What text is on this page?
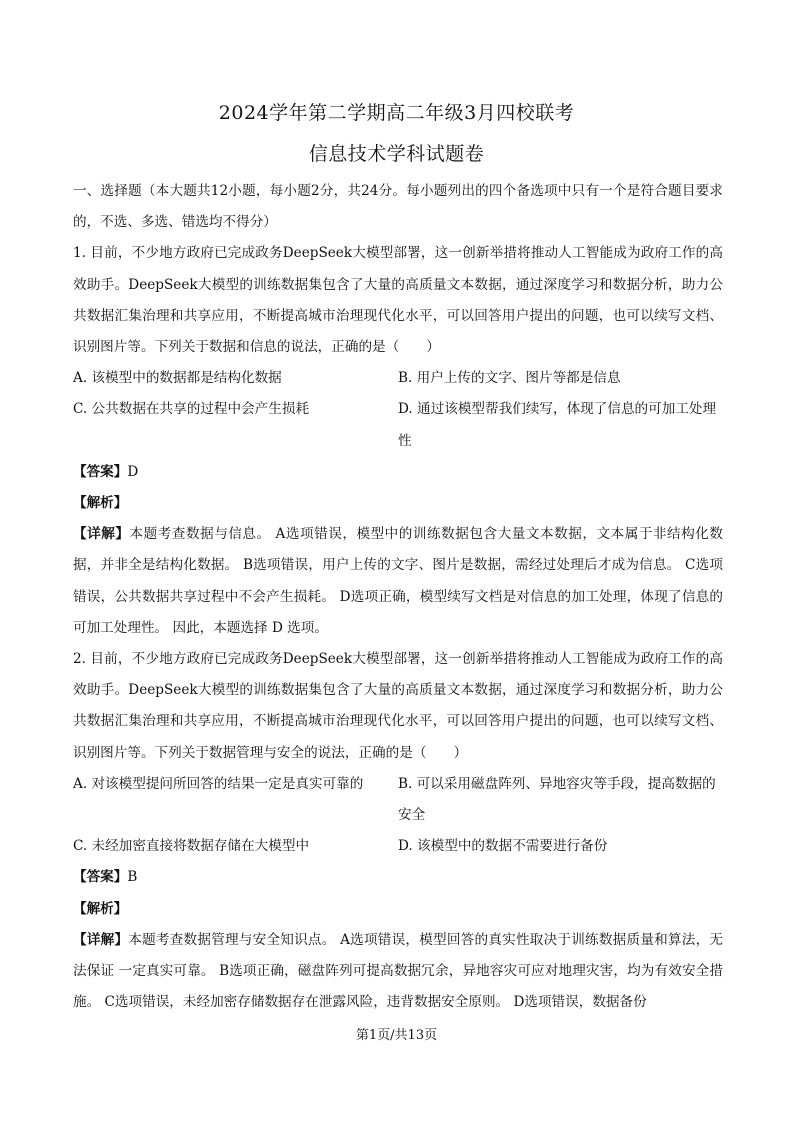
2024学年第二学期高二年级3月四校联考
信息技术学科试题卷

一、选择题（本大题共12小题，每小题2分，共24分。每小题列出的四个备选项中只有一个是符合题目要求的，不选、多选、错选均不得分）

1. 目前，不少地方政府已完成政务DeepSeek大模型部署，这一创新举措将推动人工智能成为政府工作的高效助手。DeepSeek大模型的训练数据集包含了大量的高质量文本数据，通过深度学习和数据分析，助力公共数据汇集治理和共享应用，不断提高城市治理现代化水平，可以回答用户提出的问题，也可以续写文档、识别图片等。下列关于数据和信息的说法，正确的是（　　）

A. 该模型中的数据都是结构化数据	B. 用户上传的文字、图片等都是信息
C. 公共数据在共享的过程中会产生损耗	D. 通过该模型帮我们续写，体现了信息的可加工处理性

【答案】D

【解析】

【详解】本题考查数据与信息。 A选项错误，模型中的训练数据包含大量文本数据，文本属于非结构化数据，并非全是结构化数据。 B选项错误，用户上传的文字、图片是数据，需经过处理后才成为信息。 C选项错误，公共数据共享过程中不会产生损耗。 D选项正确，模型续写文档是对信息的加工处理，体现了信息的可加工处理性。 因此，本题选择 D 选项。

2. 目前，不少地方政府已完成政务DeepSeek大模型部署，这一创新举措将推动人工智能成为政府工作的高效助手。DeepSeek大模型的训练数据集包含了大量的高质量文本数据，通过深度学习和数据分析，助力公共数据汇集治理和共享应用，不断提高城市治理现代化水平，可以回答用户提出的问题，也可以续写文档、识别图片等。下列关于数据管理与安全的说法，正确的是（　　）

A. 对该模型提问所回答的结果一定是真实可靠的	B. 可以采用磁盘阵列、异地容灾等手段，提高数据的安全
C. 未经加密直接将数据存储在大模型中	D. 该模型中的数据不需要进行备份

【答案】B

【解析】

【详解】本题考查数据管理与安全知识点。 A选项错误，模型回答的真实性取决于训练数据质量和算法，无法保证 一定真实可靠。 B选项正确，磁盘阵列可提高数据冗余，异地容灾可应对地理灾害，均为有效安全措施。 C选项错误，未经加密存储数据存在泄露风险，违背数据安全原则。 D选项错误，数据备份

第1页/共13页
